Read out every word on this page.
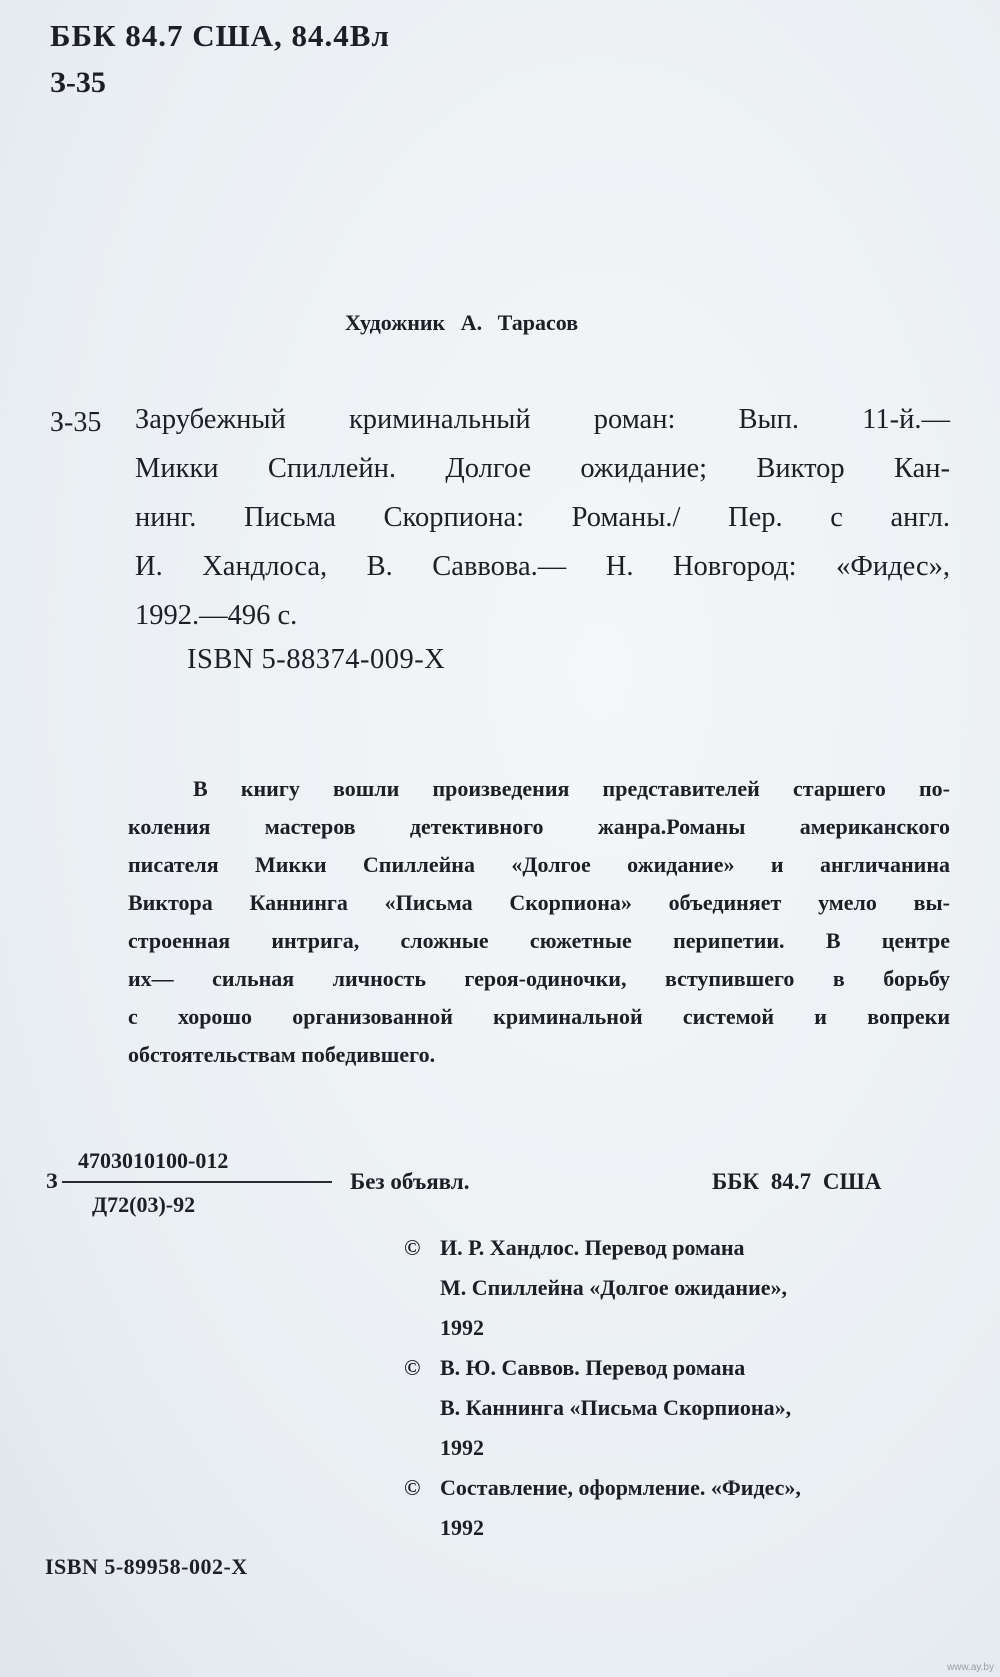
ББК 84.7 США, 84.4Вл
З-35
Художник А. Тарасов
З-35 Зарубежный криминальный роман: Вып. 11-й.—
Микки Спиллейн. Долгое ожидание; Виктор Кан-
нинг. Письма Скорпиона: Романы./ Пер. с англ.
И. Хандлоса, В. Саввова.— Н. Новгород: «Фидес»,
1992.—496 с.
ISBN 5-88374-009-Х
В книгу вошли произведения представителей старшего по-
коления мастеров детективного жанра.Романы американского
писателя Микки Спиллейна «Долгое ожидание» и англичанина
Виктора Каннинга «Письма Скорпиона» объединяет умело вы-
строенная интрига, сложные сюжетные перипетии. В центре
их— сильная личность героя-одиночки, вступившего в борьбу
с хорошо организованной криминальной системой и вопреки
обстоятельствам победившего.
4703010100-012
З
Д72(03)-92
Без объявл.	ББК 84.7 США
© И. Р. Хандлос. Перевод романа
М. Спиллейна «Долгое ожидание»,
1992
© В. Ю. Саввов. Перевод романа
В. Каннинга «Письма Скорпиона»,
1992
© Составление, оформление. «Фидес»,
1992
ISBN 5-89958-002-Х
www.ay.by
